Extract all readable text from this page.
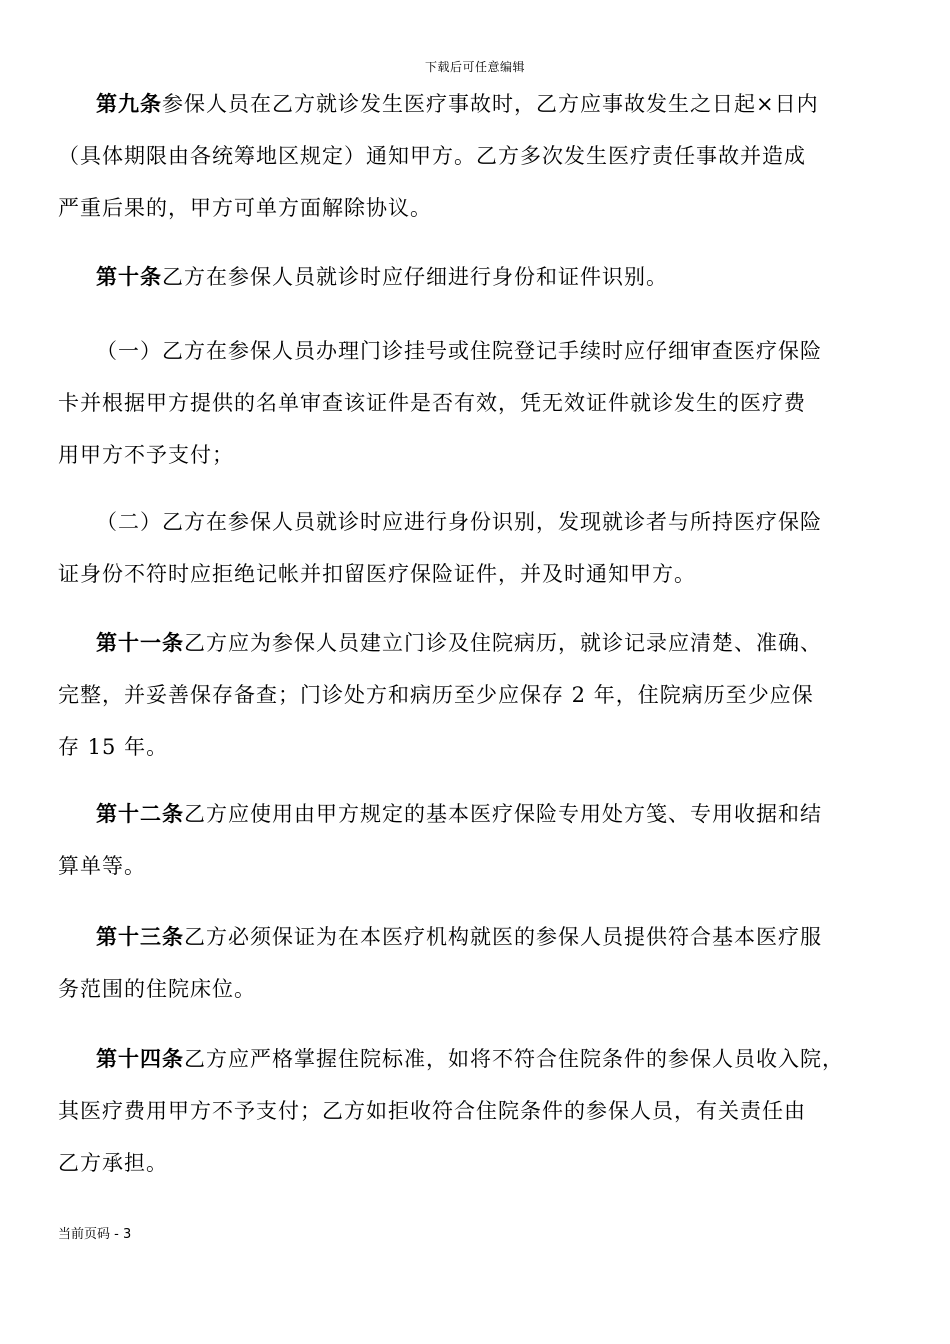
下载后可任意编辑
第九条参保人员在乙方就诊发生医疗事故时，乙方应事故发生之日起×日内
（具体期限由各统筹地区规定）通知甲方。乙方多次发生医疗责任事故并造成
严重后果的，甲方可单方面解除协议。
第十条乙方在参保人员就诊时应仔细进行身份和证件识别。
（一）乙方在参保人员办理门诊挂号或住院登记手续时应仔细审查医疗保险
卡并根据甲方提供的名单审查该证件是否有效，凭无效证件就诊发生的医疗费
用甲方不予支付；
（二）乙方在参保人员就诊时应进行身份识别，发现就诊者与所持医疗保险
证身份不符时应拒绝记帐并扣留医疗保险证件，并及时通知甲方。
第十一条乙方应为参保人员建立门诊及住院病历，就诊记录应清楚、准确、
完整，并妥善保存备查；门诊处方和病历至少应保存 2 年，住院病历至少应保
存 15 年。
第十二条乙方应使用由甲方规定的基本医疗保险专用处方笺、专用收据和结
算单等。
第十三条乙方必须保证为在本医疗机构就医的参保人员提供符合基本医疗服
务范围的住院床位。
第十四条乙方应严格掌握住院标准，如将不符合住院条件的参保人员收入院，
其医疗费用甲方不予支付；乙方如拒收符合住院条件的参保人员，有关责任由
乙方承担。
当前页码 - 3
